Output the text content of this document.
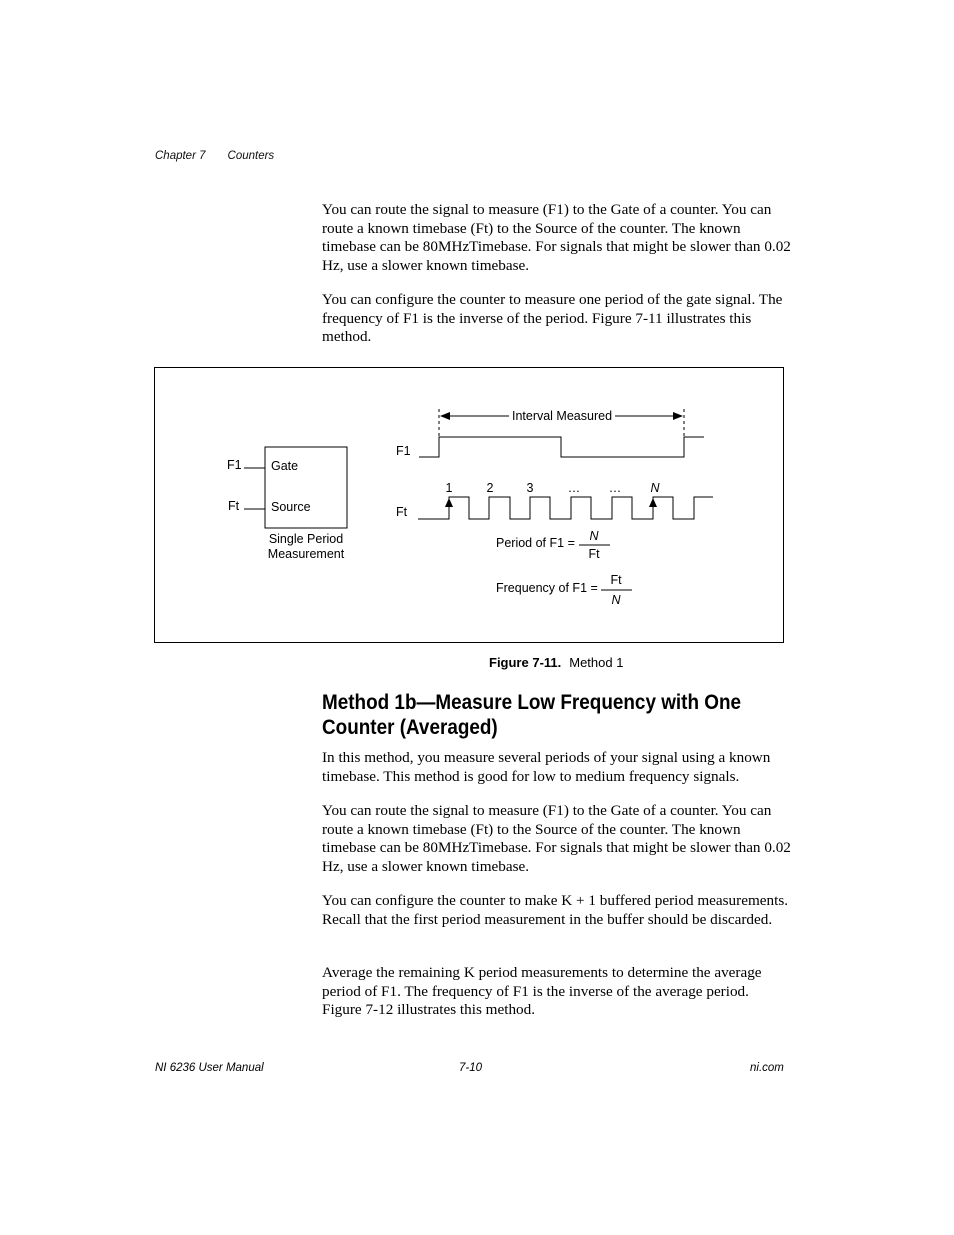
Chapter 7 Counters

You can route the signal to measure (F1) to the Gate of a counter. You can route a known timebase (Ft) to the Source of the counter. The known timebase can be 80MHzTimebase. For signals that might be slower than 0.02 Hz, use a slower known timebase.

You can configure the counter to measure one period of the gate signal. The frequency of F1 is the inverse of the period. Figure 7-11 illustrates this method.

F1
Ft
Gate
Source
Single Period
Measurement
Interval Measured
F1
Ft
1	2	3	… … N
Period of F1 = N
Ft
Frequency of F1 =
Ft
N
Figure 7-11. Method 1
Method 1b—Measure Low Frequency with One
Counter (Averaged)

In this method, you measure several periods of your signal using a known timebase. This method is good for low to medium frequency signals.

You can route the signal to measure (F1) to the Gate of a counter. You can route a known timebase (Ft) to the Source of the counter. The known timebase can be 80MHzTimebase. For signals that might be slower than 0.02 Hz, use a slower known timebase.

You can configure the counter to make K + 1 buffered period measurements. Recall that the first period measurement in the buffer should be discarded.

Average the remaining K period measurements to determine the average period of F1. The frequency of F1 is the inverse of the average period. Figure 7-12 illustrates this method.

NI 6236 User Manual	7-10	ni.com
